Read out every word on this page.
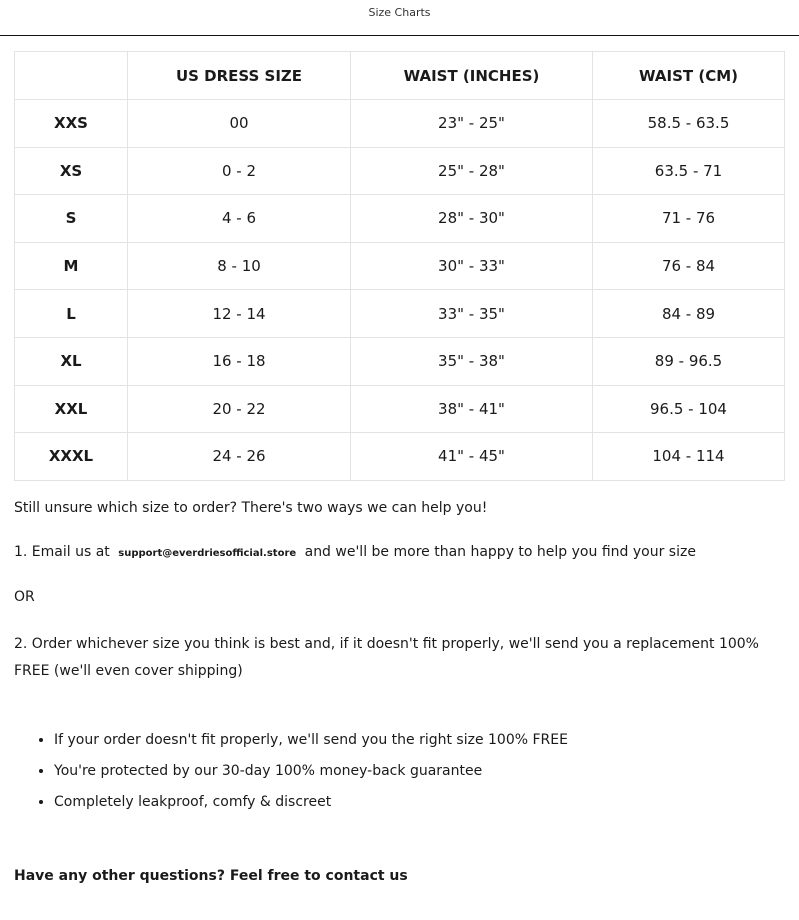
Size Charts
	US DRESS SIZE	WAIST (INCHES)	WAIST (CM)
XXS	00	23" - 25"	58.5 - 63.5
XS	0 - 2	25" - 28"	63.5 - 71
S	4 - 6	28" - 30"	71 - 76
M	8 - 10	30" - 33"	76 - 84
L	12 - 14	33" - 35"	84 - 89
XL	16 - 18	35" - 38"	89 - 96.5
XXL	20 - 22	38" - 41"	96.5 - 104
XXXL	24 - 26	41" - 45"	104 - 114

Still unsure which size to order? There's two ways we can help you!

1. Email us at support@everdriesofficial.store and we'll be more than happy to help you find your size

OR

2. Order whichever size you think is best and, if it doesn't fit properly, we'll send you a replacement 100% FREE (we'll even cover shipping)

• If your order doesn't fit properly, we'll send you the right size 100% FREE
• You're protected by our 30-day 100% money-back guarantee
• Completely leakproof, comfy & discreet

Have any other questions? Feel free to contact us
